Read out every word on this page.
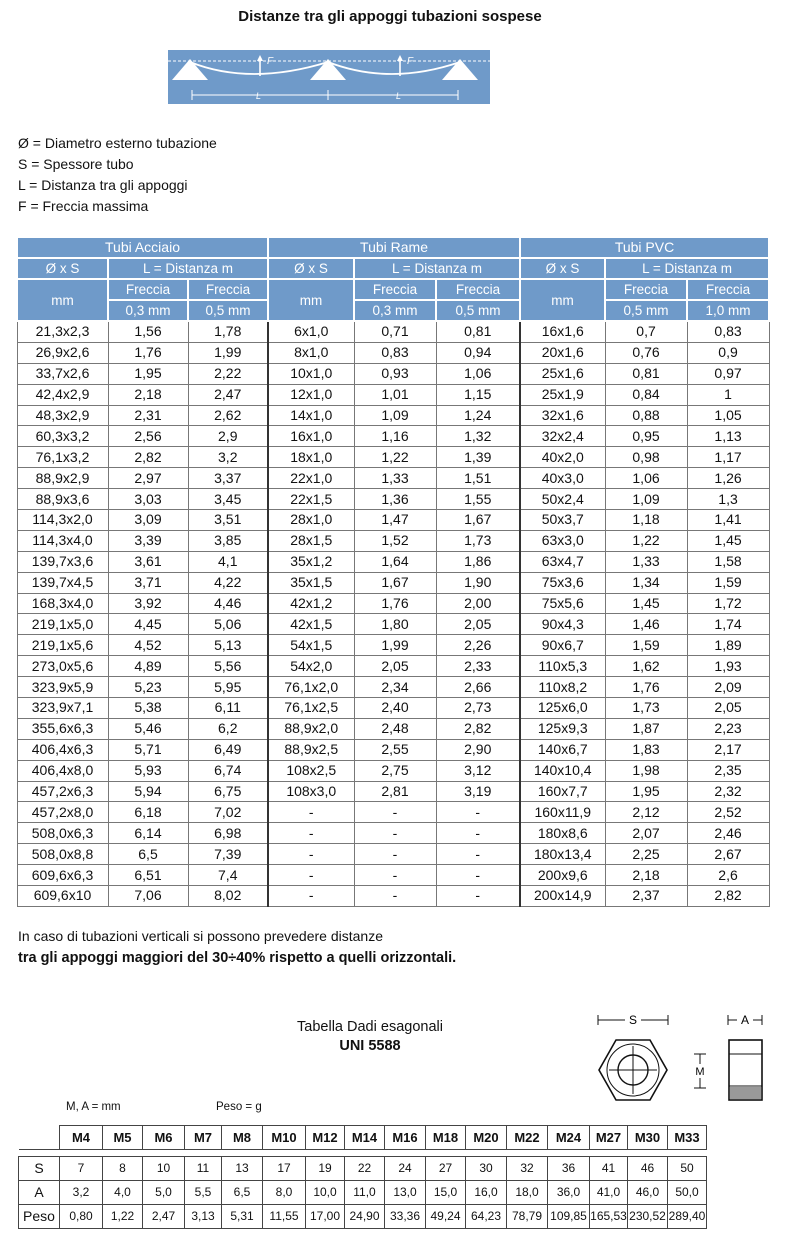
Distanze tra gli appoggi tubazioni sospese
F	F
L	L
Ø = Diametro esterno tubazione
S = Spessore tubo
L = Distanza tra gli appoggi
F = Freccia massima
Tubi Acciaio			Tubi Rame			Tubi PVC		
Ø x S	L = Distanza m		Ø x S	L = Distanza m		Ø x S	L = Distanza m	
mm	Freccia	Freccia	mm	Freccia	Freccia	mm	Freccia	Freccia
	0,3 mm	0,5 mm		0,3 mm	0,5 mm		0,5 mm	1,0 mm
21,3x2,3	1,56	1,78	6x1,0	0,71	0,81	16x1,6	0,7	0,83
26,9x2,6	1,76	1,99	8x1,0	0,83	0,94	20x1,6	0,76	0,9
33,7x2,6	1,95	2,22	10x1,0	0,93	1,06	25x1,6	0,81	0,97
42,4x2,9	2,18	2,47	12x1,0	1,01	1,15	25x1,9	0,84	1
48,3x2,9	2,31	2,62	14x1,0	1,09	1,24	32x1,6	0,88	1,05
60,3x3,2	2,56	2,9	16x1,0	1,16	1,32	32x2,4	0,95	1,13
76,1x3,2	2,82	3,2	18x1,0	1,22	1,39	40x2,0	0,98	1,17
88,9x2,9	2,97	3,37	22x1,0	1,33	1,51	40x3,0	1,06	1,26
88,9x3,6	3,03	3,45	22x1,5	1,36	1,55	50x2,4	1,09	1,3
114,3x2,0	3,09	3,51	28x1,0	1,47	1,67	50x3,7	1,18	1,41
114,3x4,0	3,39	3,85	28x1,5	1,52	1,73	63x3,0	1,22	1,45
139,7x3,6	3,61	4,1	35x1,2	1,64	1,86	63x4,7	1,33	1,58
139,7x4,5	3,71	4,22	35x1,5	1,67	1,90	75x3,6	1,34	1,59
168,3x4,0	3,92	4,46	42x1,2	1,76	2,00	75x5,6	1,45	1,72
219,1x5,0	4,45	5,06	42x1,5	1,80	2,05	90x4,3	1,46	1,74
219,1x5,6	4,52	5,13	54x1,5	1,99	2,26	90x6,7	1,59	1,89
273,0x5,6	4,89	5,56	54x2,0	2,05	2,33	110x5,3	1,62	1,93
323,9x5,9	5,23	5,95	76,1x2,0	2,34	2,66	110x8,2	1,76	2,09
323,9x7,1	5,38	6,11	76,1x2,5	2,40	2,73	125x6,0	1,73	2,05
355,6x6,3	5,46	6,2	88,9x2,0	2,48	2,82	125x9,3	1,87	2,23
406,4x6,3	5,71	6,49	88,9x2,5	2,55	2,90	140x6,7	1,83	2,17
406,4x8,0	5,93	6,74	108x2,5	2,75	3,12	140x10,4	1,98	2,35
457,2x6,3	5,94	6,75	108x3,0	2,81	3,19	160x7,7	1,95	2,32
457,2x8,0	6,18	7,02	-	-	-	160x11,9	2,12	2,52
508,0x6,3	6,14	6,98	-	-	-	180x8,6	2,07	2,46
508,0x8,8	6,5	7,39	-	-	-	180x13,4	2,25	2,67
609,6x6,3	6,51	7,4	-	-	-	200x9,6	2,18	2,6
609,6x10	7,06	8,02	-	-	-	200x14,9	2,37	2,82
In caso di tubazioni verticali si possono prevedere distanze
tra gli appoggi maggiori del 30÷40% rispetto a quelli orizzontali.
Tabella Dadi esagonali
UNI 5588
S	A
M
M, A = mm	Peso = g
	M4	M5	M6	M7	M8	M10	M12	M14	M16	M18	M20	M22	M24	M27	M30	M33

S	7	8	10	11	13	17	19	22	24	27	30	32	36	41	46	50
A	3,2	4,0	5,0	5,5	6,5	8,0	10,0	11,0	13,0	15,0	16,0	18,0	36,0	41,0	46,0	50,0
Peso	0,80	1,22	2,47	3,13	5,31	11,55	17,00	24,90	33,36	49,24	64,23	78,79	109,85	165,53	230,52	289,40
